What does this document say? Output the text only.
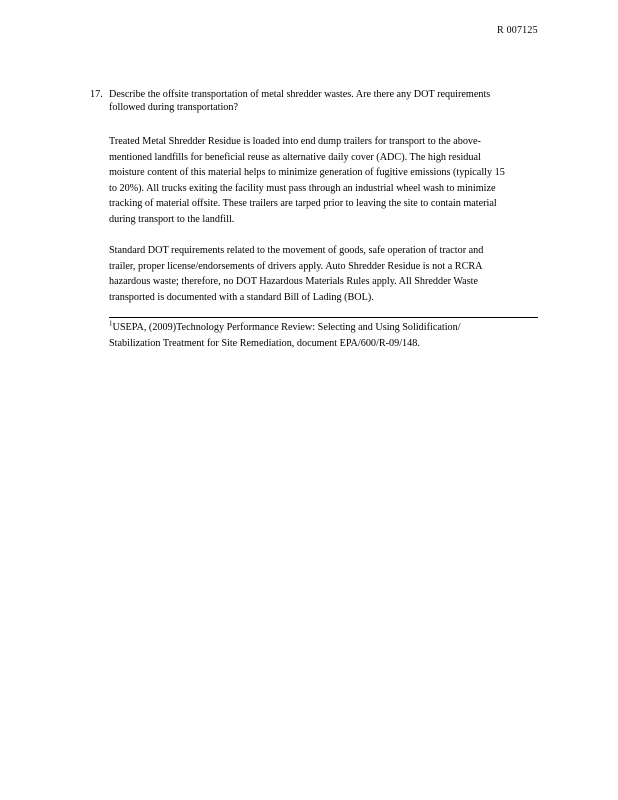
R 007125
17. Describe the offsite transportation of metal shredder wastes. Are there any DOT requirements
followed during transportation?
Treated Metal Shredder Residue is loaded into end dump trailers for transport to the above-
mentioned landfills for beneficial reuse as alternative daily cover (ADC). The high residual
moisture content of this material helps to minimize generation of fugitive emissions (typically 15
to 20%). All trucks exiting the facility must pass through an industrial wheel wash to minimize
tracking of material offsite. These trailers are tarped prior to leaving the site to contain material
during transport to the landfill.
Standard DOT requirements related to the movement of goods, safe operation of tractor and
trailer, proper license/endorsements of drivers apply. Auto Shredder Residue is not a RCRA
hazardous waste; therefore, no DOT Hazardous Materials Rules apply. All Shredder Waste
transported is documented with a standard Bill of Lading (BOL).
$^1$USEPA, (2009)Technology Performance Review: Selecting and Using Solidification/
Stabilization Treatment for Site Remediation, document EPA/600/R-09/148.
